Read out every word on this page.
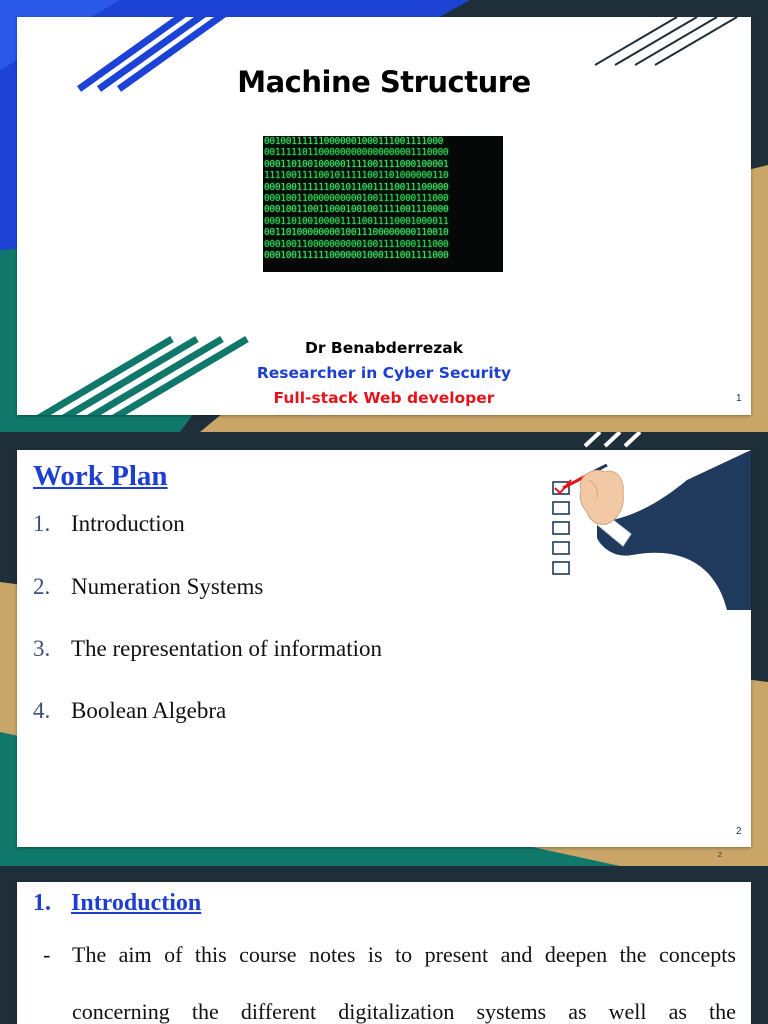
Machine Structure
001001111110000001000111001111000
0011111011000000000000000001110000
0001101001000001111001111000100001
1111001111001011111001101000000110
0001001111110010110011110011100000
0001001100000000001001111000111000
0001001100110001001001111001110000
0001101001000011110011110001000011
0011010000000010011100000000110010
0001001100000000001001111000111000
0001001111110000001000111001111000
Dr Benabderrezak
Researcher in Cyber Security
Full-stack Web developer	1
Work Plan
1. Introduction
2. Numeration Systems
3. The representation of information
4. Boolean Algebra
2
2
1. Introduction
- The aim of this course notes is to present and deepen the concepts
concerning the different digitalization systems as well as the
